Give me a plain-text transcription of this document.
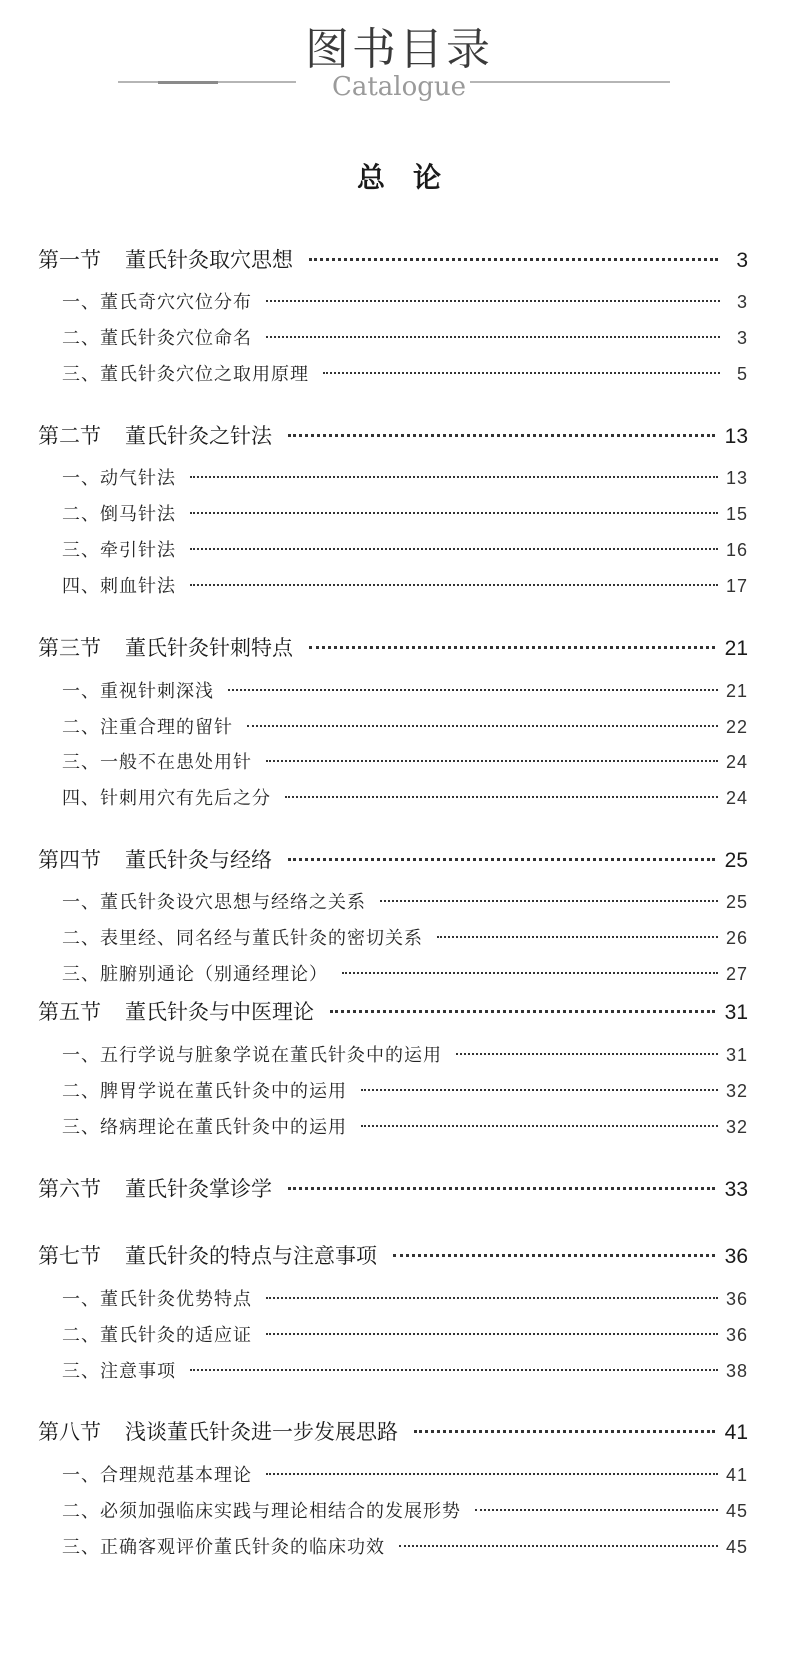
图书目录
Catalogue
总论
第一节 董氏针灸取穴思想	3
一、董氏奇穴穴位分布	3
二、董氏针灸穴位命名	3
三、董氏针灸穴位之取用原理	5
第二节 董氏针灸之针法	13
一、动气针法	13
二、倒马针法	15
三、牵引针法	16
四、刺血针法	17
第三节 董氏针灸针刺特点	21
一、重视针刺深浅	21
二、注重合理的留针	22
三、一般不在患处用针	24
四、针刺用穴有先后之分	24
第四节 董氏针灸与经络	25
一、董氏针灸设穴思想与经络之关系	25
二、表里经、同名经与董氏针灸的密切关系	26
三、脏腑别通论（别通经理论）	27
第五节 董氏针灸与中医理论	31
一、五行学说与脏象学说在董氏针灸中的运用	31
二、脾胃学说在董氏针灸中的运用	32
三、络病理论在董氏针灸中的运用	32
第六节 董氏针灸掌诊学	33
第七节 董氏针灸的特点与注意事项	36
一、董氏针灸优势特点	36
二、董氏针灸的适应证	36
三、注意事项	38
第八节 浅谈董氏针灸进一步发展思路	41
一、合理规范基本理论	41
二、必须加强临床实践与理论相结合的发展形势	45
三、正确客观评价董氏针灸的临床功效	45
